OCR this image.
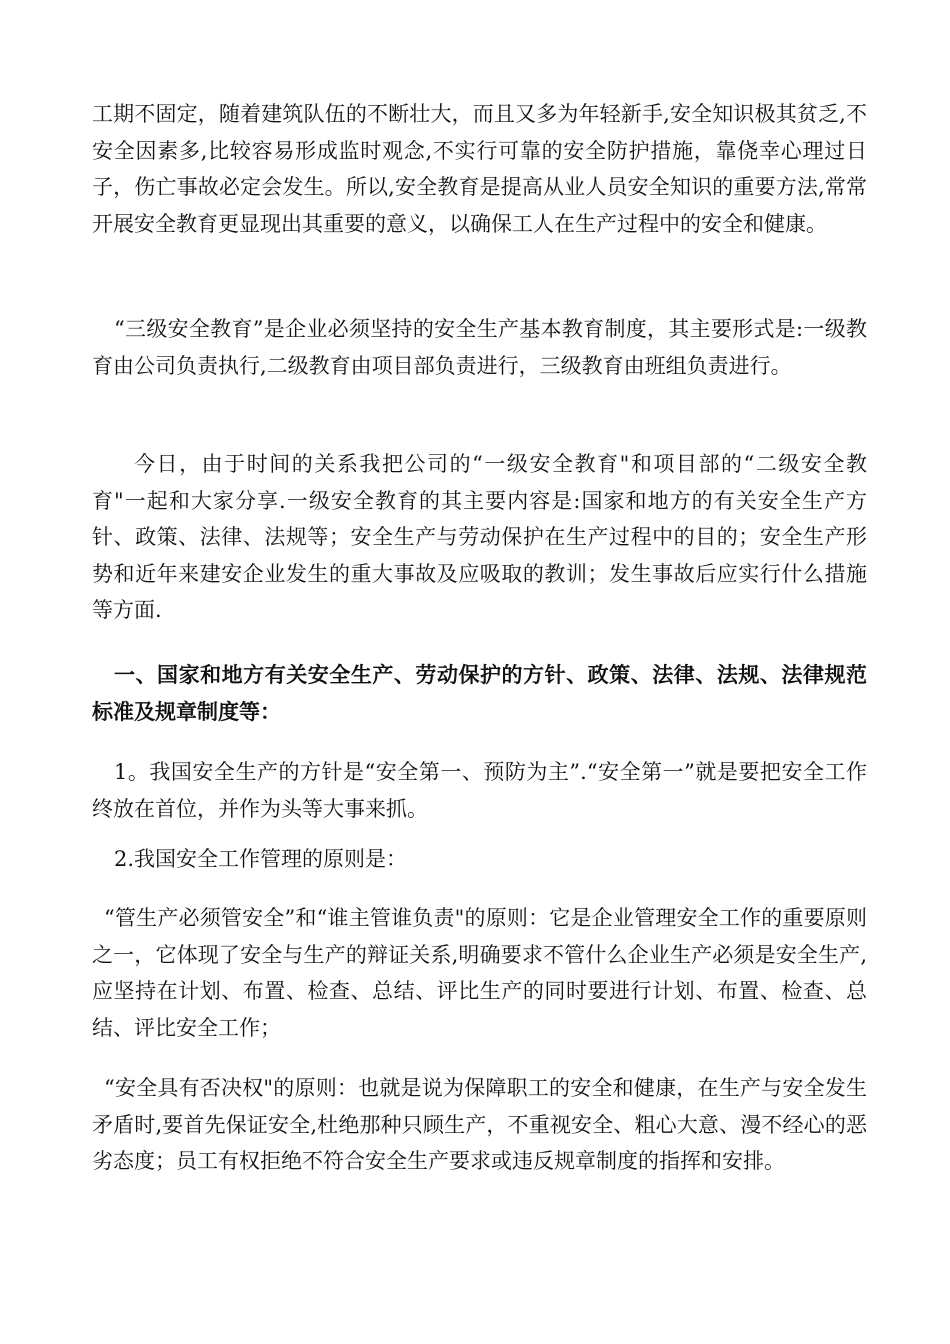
工期不固定，随着建筑队伍的不断壮大，而且又多为年轻新手,安全知识极其贫乏,不安全因素多,比较容易形成监时观念,不实行可靠的安全防护措施，靠侥幸心理过日子，伤亡事故必定会发生。所以,安全教育是提高从业人员安全知识的重要方法,常常开展安全教育更显现出其重要的意义，以确保工人在生产过程中的安全和健康。

“三级安全教育”是企业必须坚持的安全生产基本教育制度，其主要形式是:一级教育由公司负责执行,二级教育由项目部负责进行，三级教育由班组负责进行。

今日，由于时间的关系我把公司的“一级安全教育"和项目部的“二级安全教育"一起和大家分享.一级安全教育的其主要内容是:国家和地方的有关安全生产方针、政策、法律、法规等；安全生产与劳动保护在生产过程中的目的；安全生产形势和近年来建安企业发生的重大事故及应吸取的教训；发生事故后应实行什么措施等方面.

一、国家和地方有关安全生产、劳动保护的方针、政策、法律、法规、法律规范标准及规章制度等：

1。我国安全生产的方针是“安全第一、预防为主”.“安全第一”就是要把安全工作终放在首位，并作为头等大事来抓。

2.我国安全工作管理的原则是：

“管生产必须管安全”和“谁主管谁负责"的原则：它是企业管理安全工作的重要原则之一，它体现了安全与生产的辩证关系,明确要求不管什么企业生产必须是安全生产,应坚持在计划、布置、检查、总结、评比生产的同时要进行计划、布置、检查、总结、评比安全工作；

“安全具有否决权"的原则：也就是说为保障职工的安全和健康，在生产与安全发生矛盾时,要首先保证安全,杜绝那种只顾生产，不重视安全、粗心大意、漫不经心的恶劣态度；员工有权拒绝不符合安全生产要求或违反规章制度的指挥和安排。
